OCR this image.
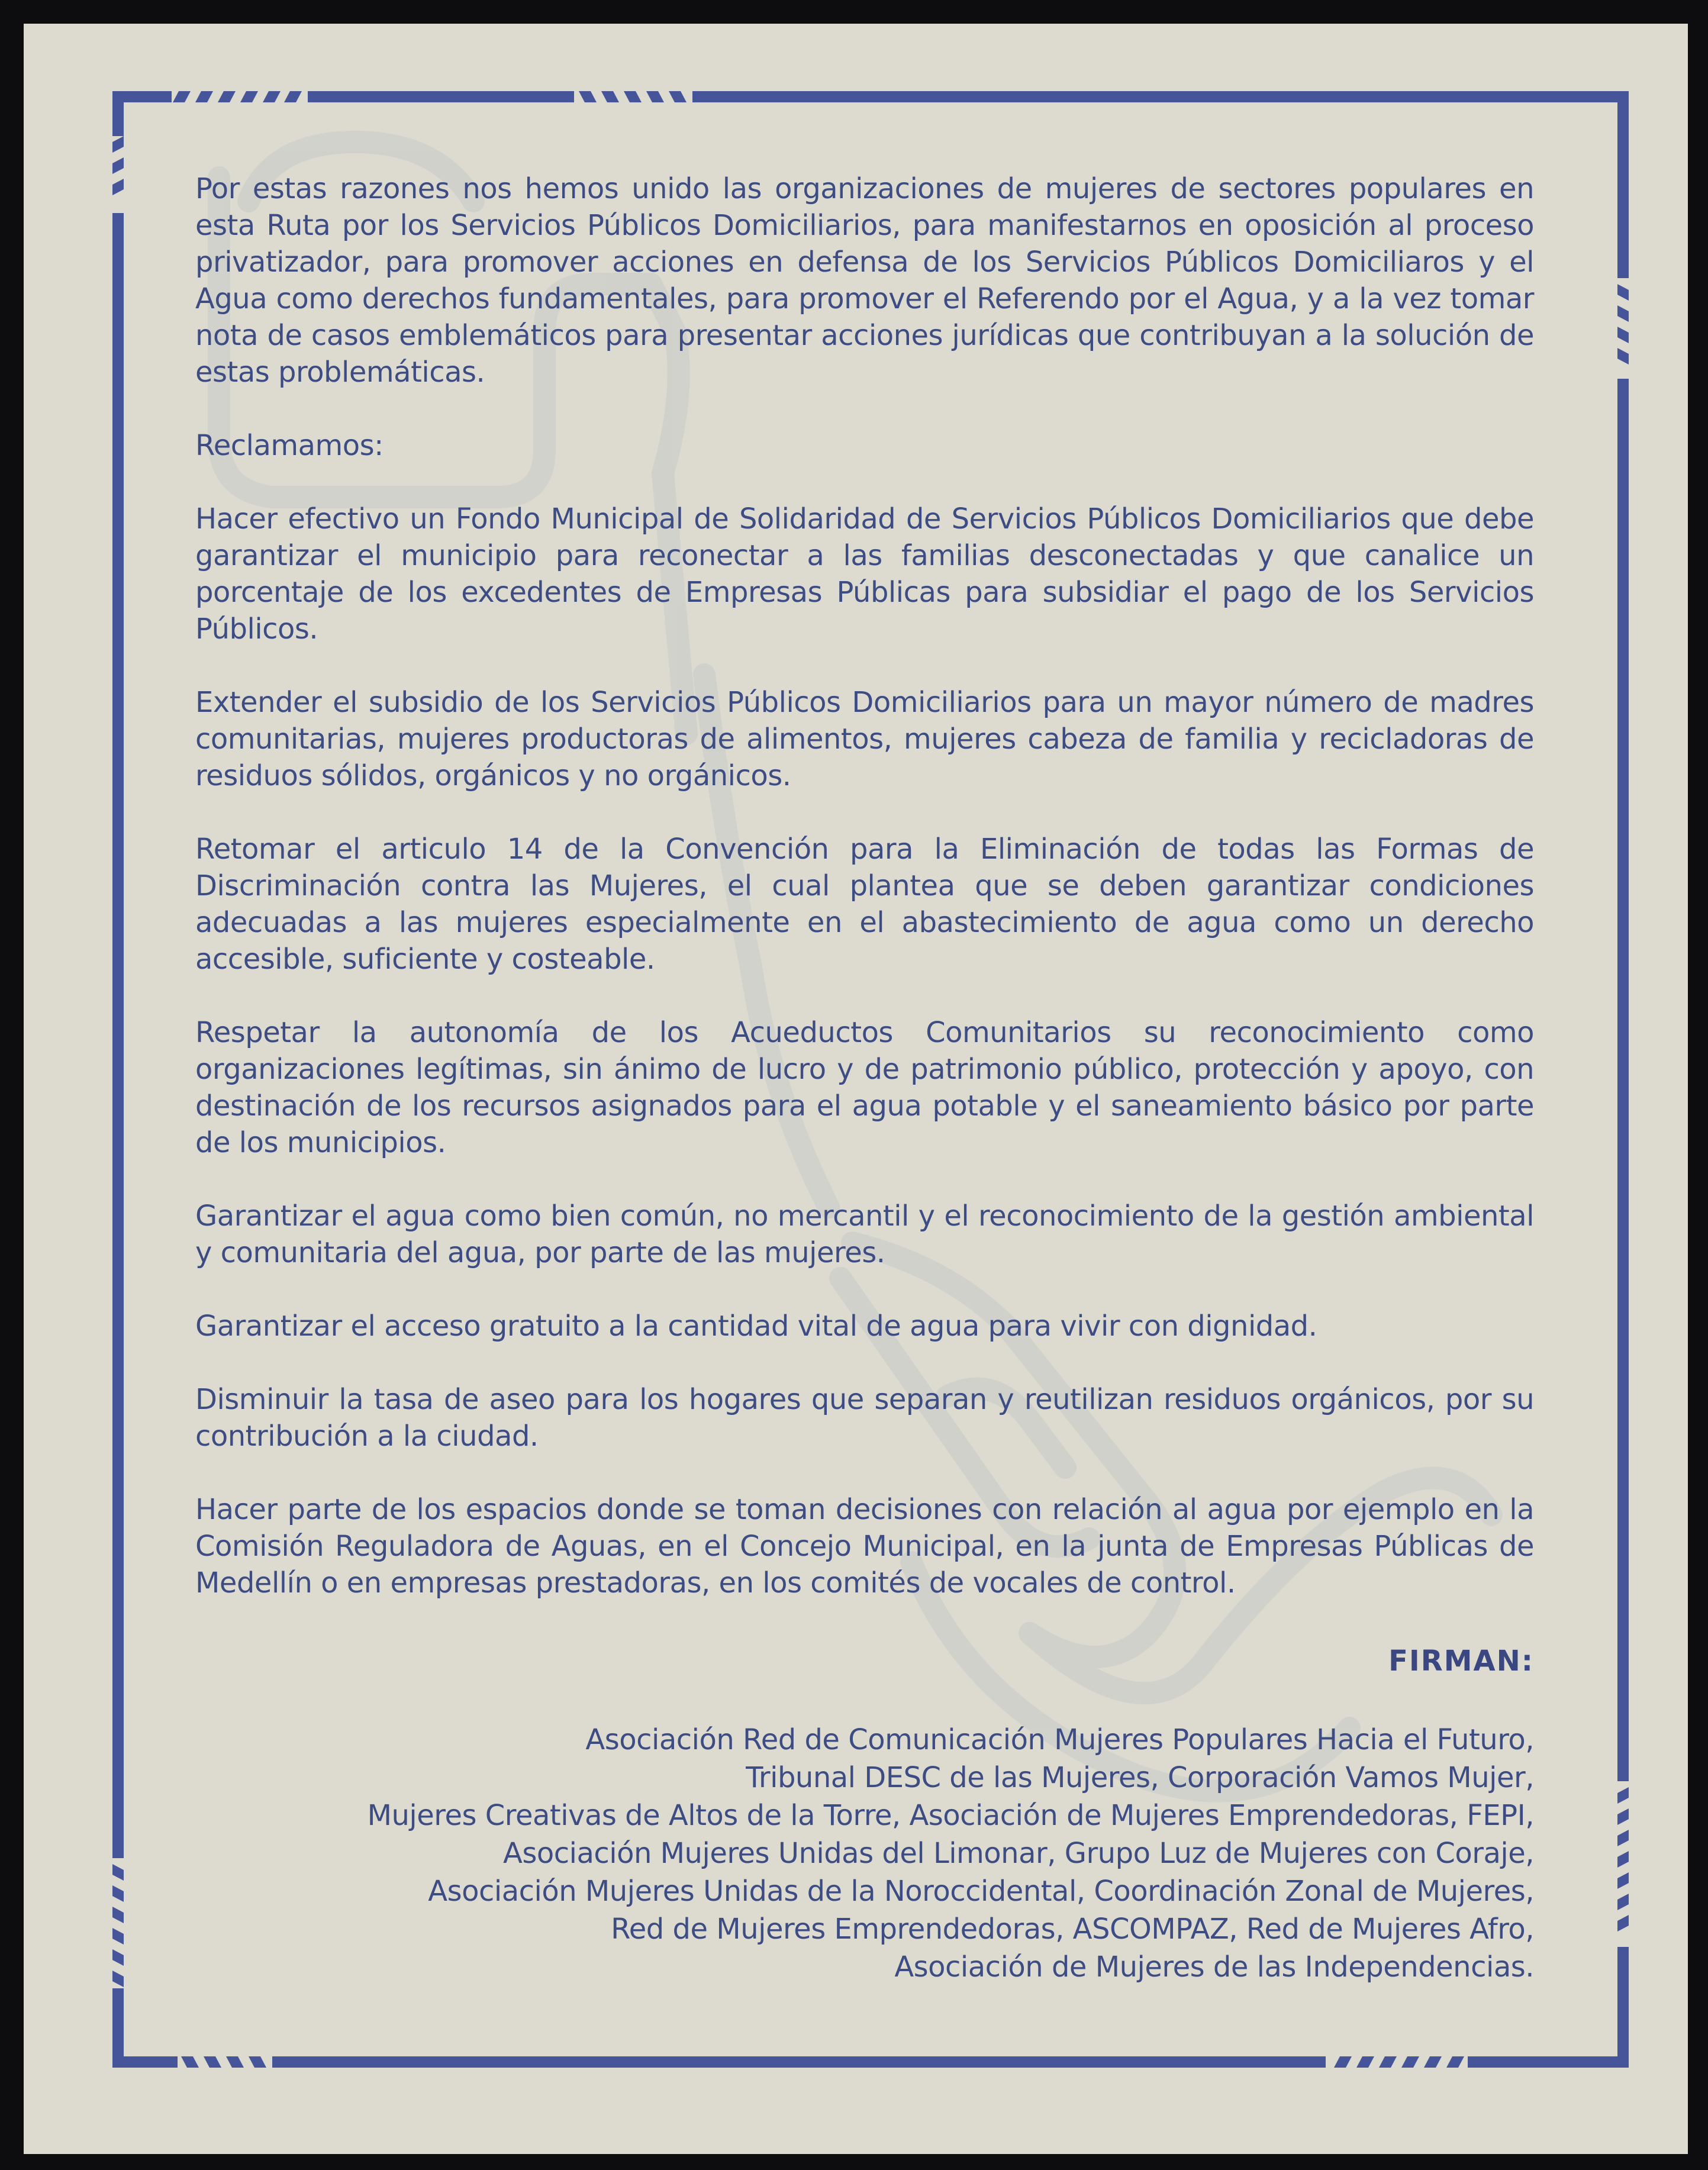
Por estas razones nos hemos unido las organizaciones de mujeres de sectores populares en esta Ruta por los Servicios Públicos Domiciliarios, para manifestarnos en oposición al proceso privatizador, para promover acciones en defensa de los Servicios Públicos Domiciliaros y el Agua como derechos fundamentales, para promover el Referendo por el Agua, y a la vez tomar nota de casos emblemáticos para presentar acciones jurídicas que contribuyan a la solución de estas problemáticas.

Reclamamos:

Hacer efectivo un Fondo Municipal de Solidaridad de Servicios Públicos Domiciliarios que debe garantizar el municipio para reconectar a las familias desconectadas y que canalice un porcentaje de los excedentes de Empresas Públicas para subsidiar el pago de los Servicios Públicos.

Extender el subsidio de los Servicios Públicos Domiciliarios para un mayor número de madres comunitarias, mujeres productoras de alimentos, mujeres cabeza de familia y recicladoras de residuos sólidos, orgánicos y no orgánicos.

Retomar el articulo 14 de la Convención para la Eliminación de todas las Formas de Discriminación contra las Mujeres, el cual plantea que se deben garantizar condiciones adecuadas a las mujeres especialmente en el abastecimiento de agua como un derecho accesible, suficiente y costeable.

Respetar la autonomía de los Acueductos Comunitarios su reconocimiento como organizaciones legítimas, sin ánimo de lucro y de patrimonio público, protección y apoyo, con destinación de los recursos asignados para el agua potable y el saneamiento básico por parte de los municipios.

Garantizar el agua como bien común, no mercantil y el reconocimiento de la gestión ambiental y comunitaria del agua, por parte de las mujeres.

Garantizar el acceso gratuito a la cantidad vital de agua para vivir con dignidad.

Disminuir la tasa de aseo para los hogares que separan y reutilizan residuos orgánicos, por su contribución a la ciudad.

Hacer parte de los espacios donde se toman decisiones con relación al agua por ejemplo en la Comisión Reguladora de Aguas, en el Concejo Municipal, en la junta de Empresas Públicas de Medellín o en empresas prestadoras, en los comités de vocales de control.

FIRMAN:
Asociación Red de Comunicación Mujeres Populares Hacia el Futuro,
Tribunal DESC de las Mujeres, Corporación Vamos Mujer,
Mujeres Creativas de Altos de la Torre, Asociación de Mujeres Emprendedoras, FEPI,
Asociación Mujeres Unidas del Limonar, Grupo Luz de Mujeres con Coraje,
Asociación Mujeres Unidas de la Noroccidental, Coordinación Zonal de Mujeres,
Red de Mujeres Emprendedoras, ASCOMPAZ, Red de Mujeres Afro,
Asociación de Mujeres de las Independencias.
